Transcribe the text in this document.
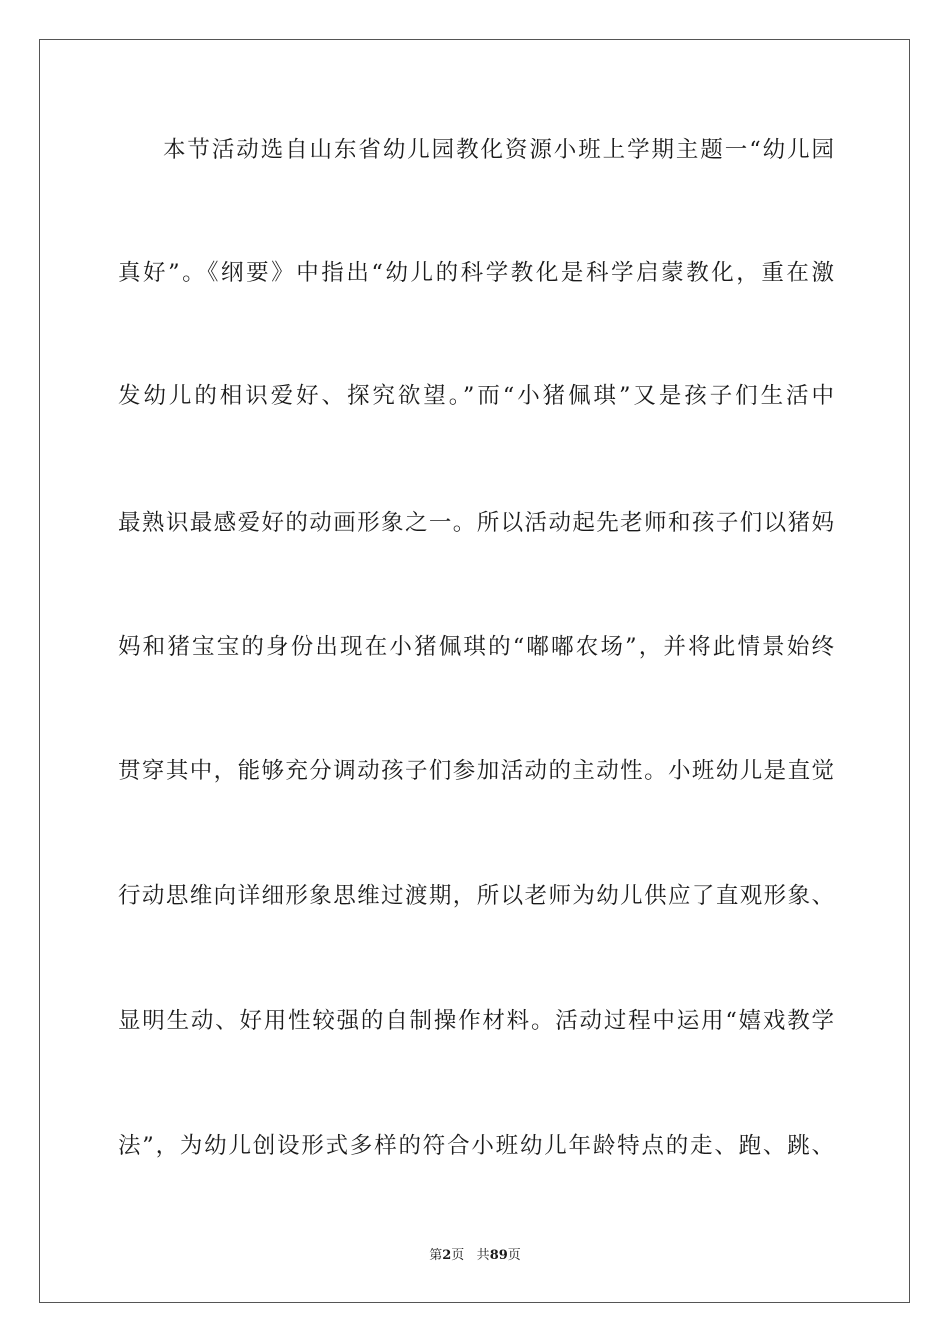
本节活动选自山东省幼儿园教化资源小班上学期主题一“幼儿园
真好”。《纲要》中指出“幼儿的科学教化是科学启蒙教化，重在激
发幼儿的相识爱好、探究欲望。”而“小猪佩琪”又是孩子们生活中
最熟识最感爱好的动画形象之一。所以活动起先老师和孩子们以猪妈
妈和猪宝宝的身份出现在小猪佩琪的“嘟嘟农场”，并将此情景始终
贯穿其中，能够充分调动孩子们参加活动的主动性。小班幼儿是直觉
行动思维向详细形象思维过渡期，所以老师为幼儿供应了直观形象、
显明生动、好用性较强的自制操作材料。活动过程中运用“嬉戏教学
法”，为幼儿创设形式多样的符合小班幼儿年龄特点的走、跑、跳、
第2页 共89页
